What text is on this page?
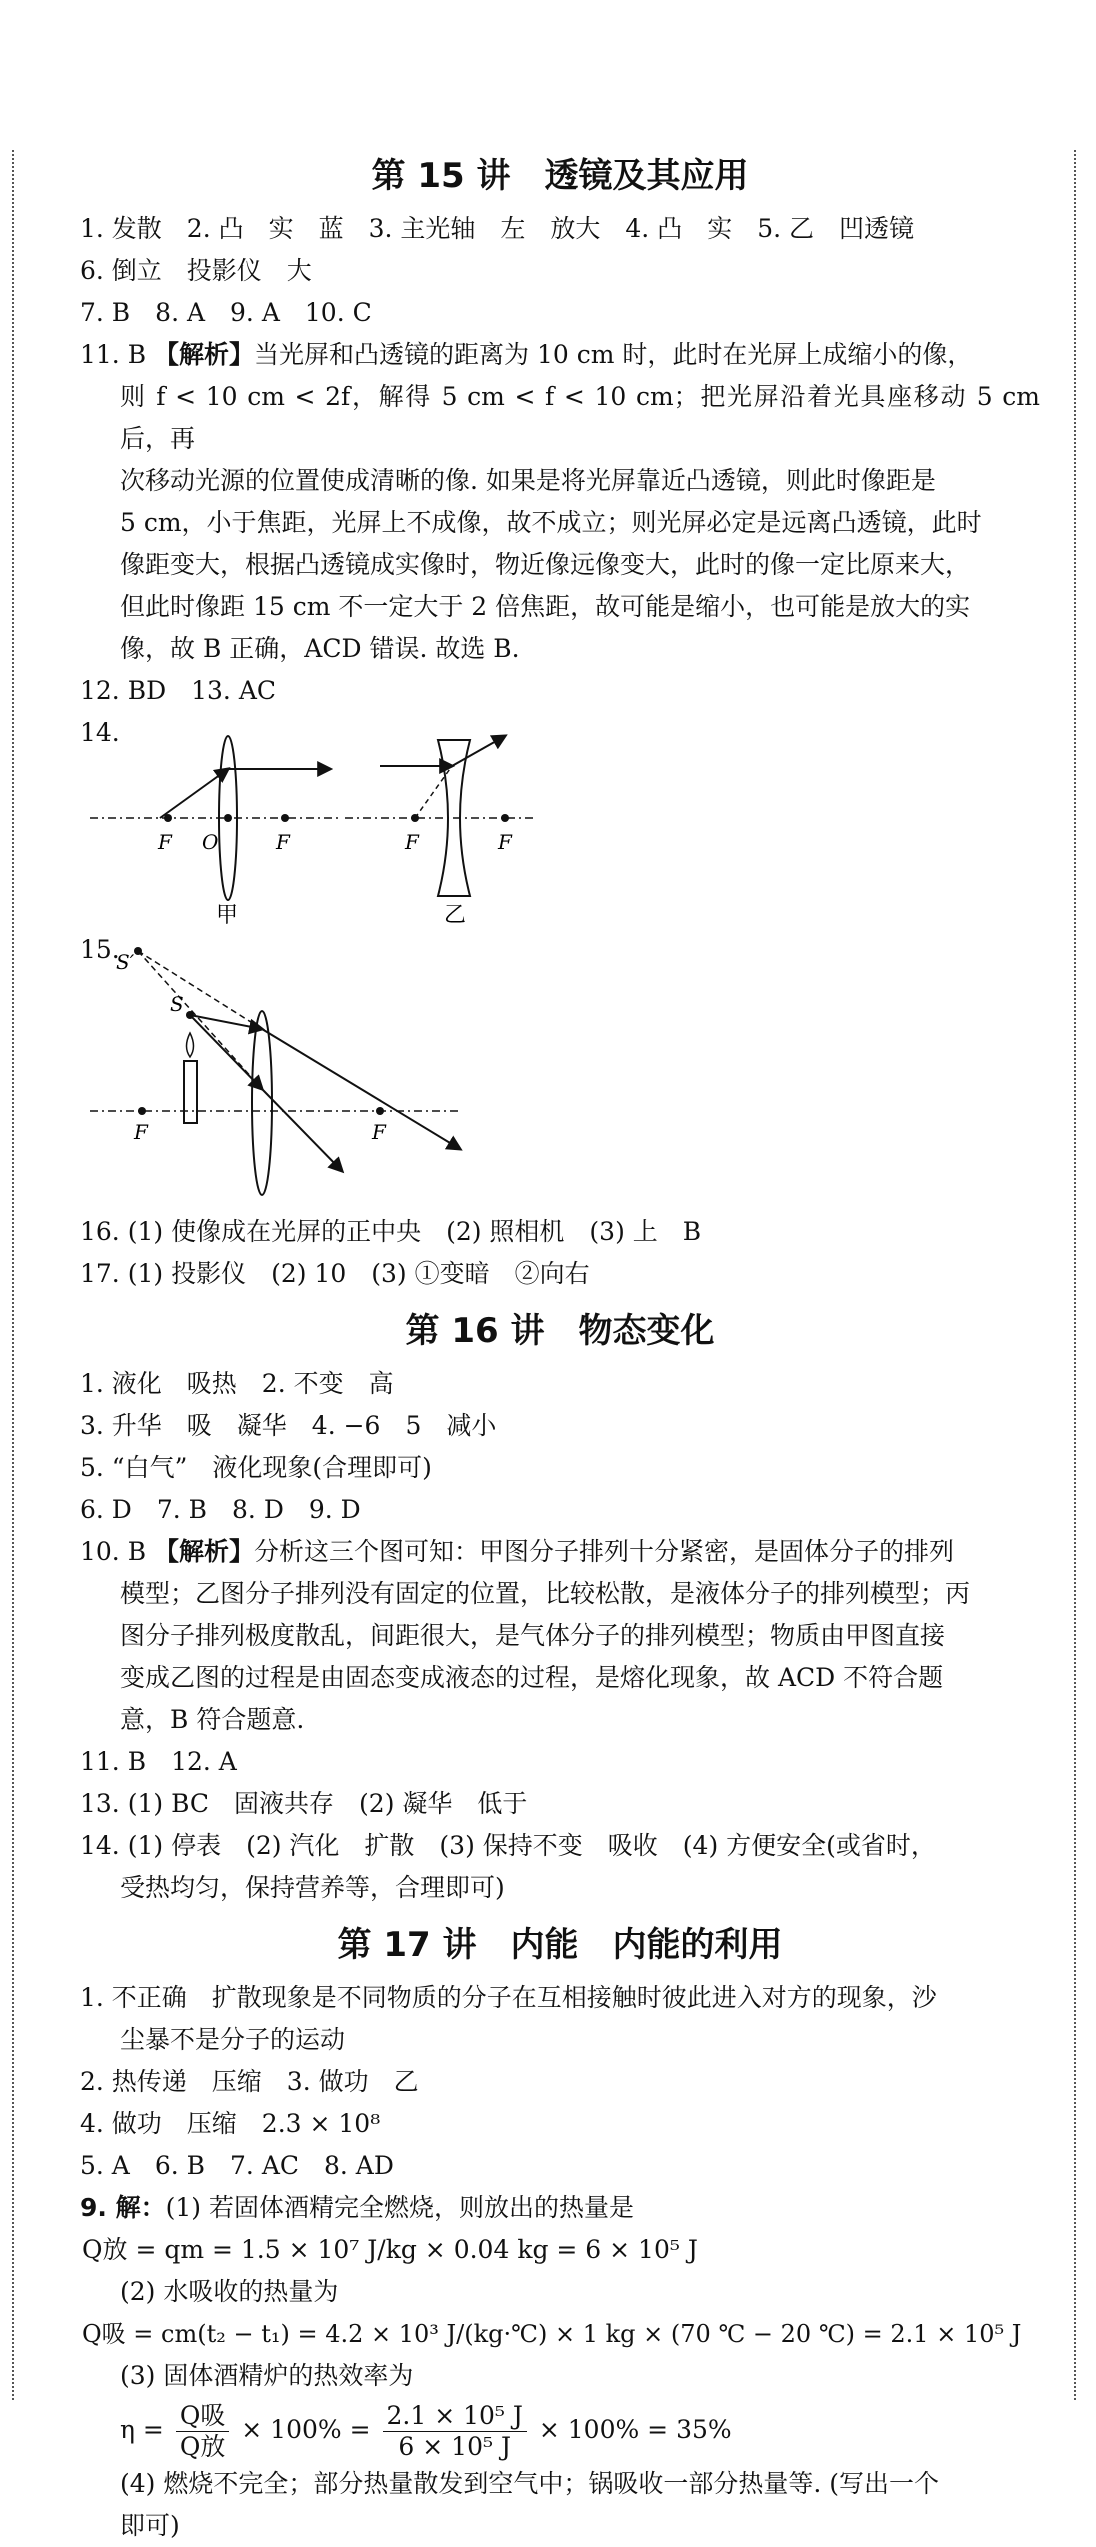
第 15 讲　透镜及其应用
1. 发散　2. 凸　实　蓝　3. 主光轴　左　放大　4. 凸　实　5. 乙　凹透镜
6. 倒立　投影仪　大
7. B　8. A　9. A　10. C
11. B 【解析】当光屏和凸透镜的距离为 10 cm 时，此时在光屏上成缩小的像，
则 f < 10 cm < 2f，解得 5 cm < f < 10 cm；把光屏沿着光具座移动 5 cm 后，再
次移动光源的位置使成清晰的像. 如果是将光屏靠近凸透镜，则此时像距是
5 cm，小于焦距，光屏上不成像，故不成立；则光屏必定是远离凸透镜，此时
像距变大，根据凸透镜成实像时，物近像远像变大，此时的像一定比原来大，
但此时像距 15 cm 不一定大于 2 倍焦距，故可能是缩小，也可能是放大的实
像，故 B 正确，ACD 错误. 故选 B.
12. BD　13. AC
14.
F O	F
甲
F	F
乙
15.
S′
S
F	F
16. (1) 使像成在光屏的正中央　(2) 照相机　(3) 上　B
17. (1) 投影仪　(2) 10　(3) ①变暗　②向右
第 16 讲　物态变化
1. 液化　吸热　2. 不变　高
3. 升华　吸　凝华　4. −6　5　减小
5. “白气”　液化现象(合理即可)
6. D　7. B　8. D　9. D
10. B 【解析】分析这三个图可知：甲图分子排列十分紧密，是固体分子的排列
模型；乙图分子排列没有固定的位置，比较松散，是液体分子的排列模型；丙
图分子排列极度散乱，间距很大，是气体分子的排列模型；物质由甲图直接
变成乙图的过程是由固态变成液态的过程，是熔化现象，故 ACD 不符合题
意，B 符合题意.
11. B　12. A
13. (1) BC　固液共存　(2) 凝华　低于
14. (1) 停表　(2) 汽化　扩散　(3) 保持不变　吸收　(4) 方便安全(或省时，
受热均匀，保持营养等，合理即可)
第 17 讲　内能　内能的利用
1. 不正确　扩散现象是不同物质的分子在互相接触时彼此进入对方的现象，沙
尘暴不是分子的运动
2. 热传递　压缩　3. 做功　乙
4. 做功　压缩　2.3 × 10⁸
5. A　6. B　7. AC　8. AD
9. 解：(1) 若固体酒精完全燃烧，则放出的热量是
Q放 = qm = 1.5 × 10⁷ J/kg × 0.04 kg = 6 × 10⁵ J
(2) 水吸收的热量为
Q吸 = cm(t₂ − t₁) = 4.2 × 10³ J/(kg·℃) × 1 kg × (70 ℃ − 20 ℃) = 2.1 × 10⁵ J
(3) 固体酒精炉的热效率为
$\eta = \frac{\text{Q吸}}{\text{Q放}} \times 100\% = \frac{\text{2.1 × 10⁵ J}}{\text{6 × 10⁵ J}} \times 100\% = 35\%$
(4) 燃烧不完全；部分热量散发到空气中；锅吸收一部分热量等. (写出一个
即可)
